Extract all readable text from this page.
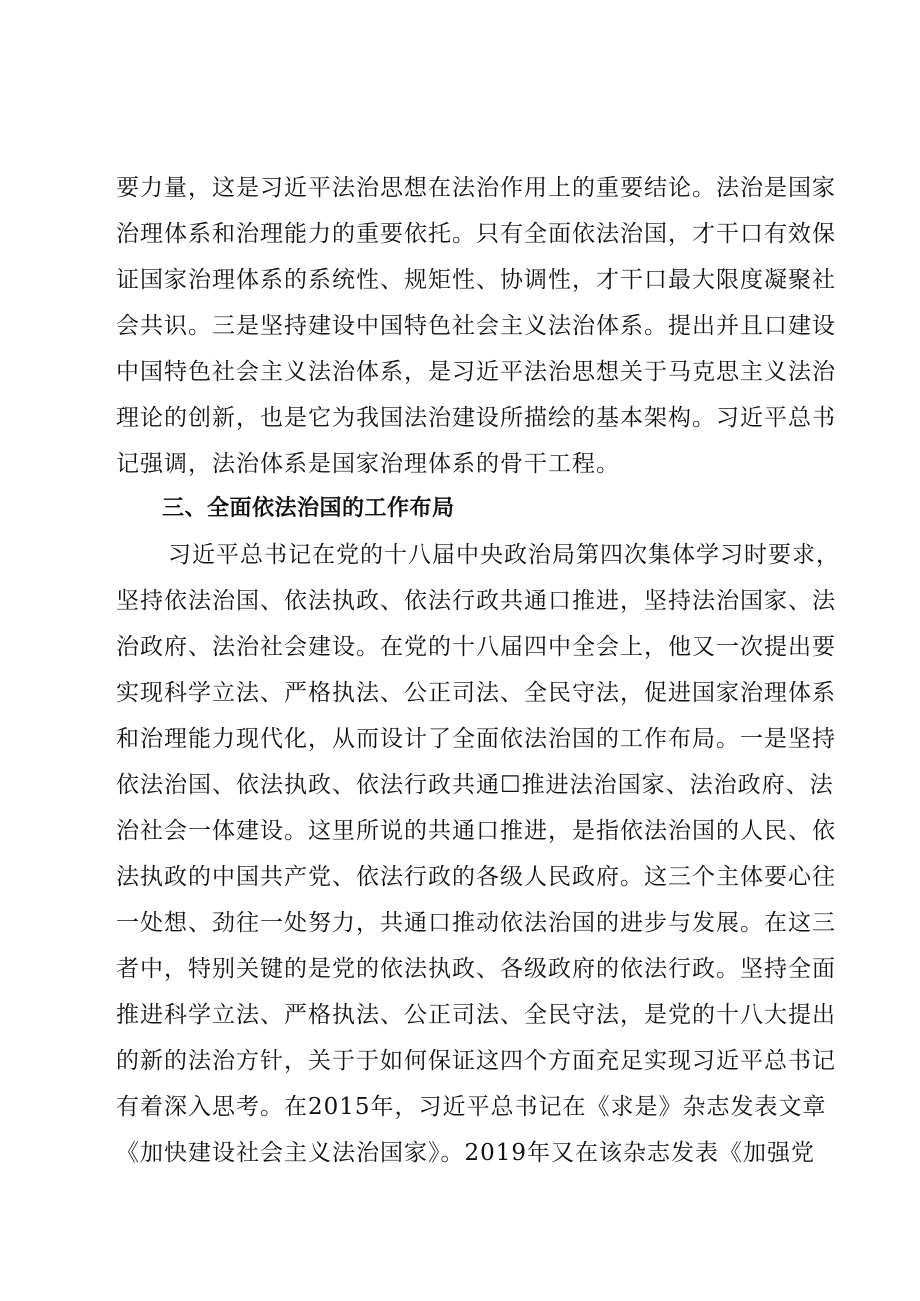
要力量，这是习近平法治思想在法治作用上的重要结论。法治是国家
治理体系和治理能力的重要依托。只有全面依法治国，才干口有效保
证国家治理体系的系统性、规矩性、协调性，才干口最大限度凝聚社
会共识。三是坚持建设中国特色社会主义法治体系。提出并且口建设
中国特色社会主义法治体系，是习近平法治思想关于马克思主义法治
理论的创新，也是它为我国法治建设所描绘的基本架构。习近平总书
记强调，法治体系是国家治理体系的骨干工程。
三、全面依法治国的工作布局
习近平总书记在党的十八届中央政治局第四次集体学习时要求，
坚持依法治国、依法执政、依法行政共通口推进，坚持法治国家、法
治政府、法治社会建设。在党的十八届四中全会上，他又一次提出要
实现科学立法、严格执法、公正司法、全民守法，促进国家治理体系
和治理能力现代化，从而设计了全面依法治国的工作布局。一是坚持
依法治国、依法执政、依法行政共通☐推进法治国家、法治政府、法
治社会一体建设。这里所说的共通口推进，是指依法治国的人民、依
法执政的中国共产党、依法行政的各级人民政府。这三个主体要心往
一处想、劲往一处努力，共通口推动依法治国的进步与发展。在这三
者中，特别关键的是党的依法执政、各级政府的依法行政。坚持全面
推进科学立法、严格执法、公正司法、全民守法，是党的十八大提出
的新的法治方针，关于于如何保证这四个方面充足实现习近平总书记
有着深入思考。在2015年，习近平总书记在《求是》杂志发表文章
《加快建设社会主义法治国家》。2019年又在该杂志发表《加强党
